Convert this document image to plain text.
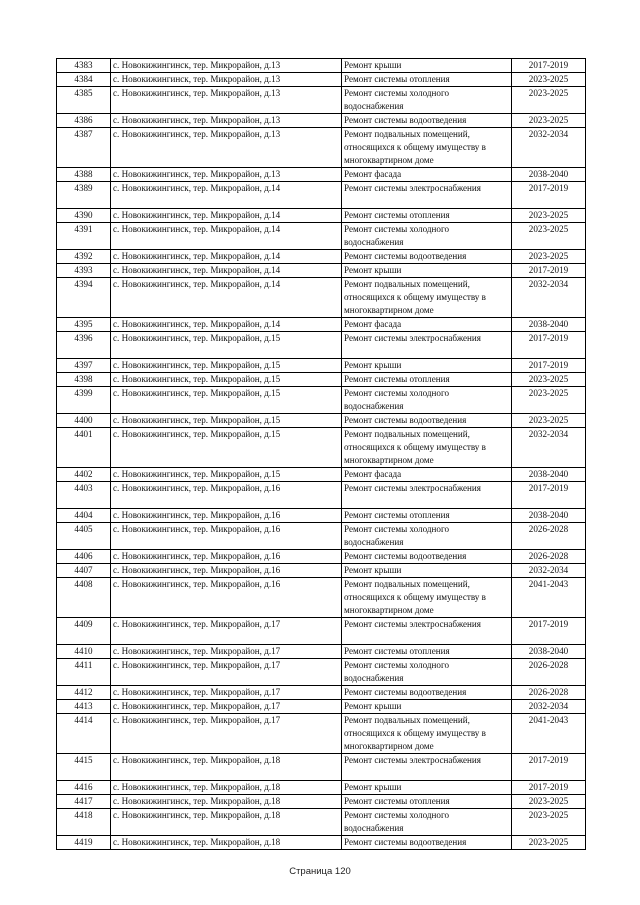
4383	с. Новокижингинск, тер. Микрорайон, д.13	Ремонт крыши	2017-2019
4384	с. Новокижингинск, тер. Микрорайон, д.13	Ремонт системы отопления	2023-2025
4385	с. Новокижингинск, тер. Микрорайон, д.13	Ремонт системы холодного водоснабжения	2023-2025
4386	с. Новокижингинск, тер. Микрорайон, д.13	Ремонт системы водоотведения	2023-2025
4387	с. Новокижингинск, тер. Микрорайон, д.13	Ремонт подвальных помещений, относящихся к общему имуществу в многоквартирном доме	2032-2034
4388	с. Новокижингинск, тер. Микрорайон, д.13	Ремонт фасада	2038-2040
4389	с. Новокижингинск, тер. Микрорайон, д.14	Ремонт системы электроснабжения	2017-2019
4390	с. Новокижингинск, тер. Микрорайон, д.14	Ремонт системы отопления	2023-2025
4391	с. Новокижингинск, тер. Микрорайон, д.14	Ремонт системы холодного водоснабжения	2023-2025
4392	с. Новокижингинск, тер. Микрорайон, д.14	Ремонт системы водоотведения	2023-2025
4393	с. Новокижингинск, тер. Микрорайон, д.14	Ремонт крыши	2017-2019
4394	с. Новокижингинск, тер. Микрорайон, д.14	Ремонт подвальных помещений, относящихся к общему имуществу в многоквартирном доме	2032-2034
4395	с. Новокижингинск, тер. Микрорайон, д.14	Ремонт фасада	2038-2040
4396	с. Новокижингинск, тер. Микрорайон, д.15	Ремонт системы электроснабжения	2017-2019
4397	с. Новокижингинск, тер. Микрорайон, д.15	Ремонт крыши	2017-2019
4398	с. Новокижингинск, тер. Микрорайон, д.15	Ремонт системы отопления	2023-2025
4399	с. Новокижингинск, тер. Микрорайон, д.15	Ремонт системы холодного водоснабжения	2023-2025
4400	с. Новокижингинск, тер. Микрорайон, д.15	Ремонт системы водоотведения	2023-2025
4401	с. Новокижингинск, тер. Микрорайон, д.15	Ремонт подвальных помещений, относящихся к общему имуществу в многоквартирном доме	2032-2034
4402	с. Новокижингинск, тер. Микрорайон, д.15	Ремонт фасада	2038-2040
4403	с. Новокижингинск, тер. Микрорайон, д.16	Ремонт системы электроснабжения	2017-2019
4404	с. Новокижингинск, тер. Микрорайон, д.16	Ремонт системы отопления	2038-2040
4405	с. Новокижингинск, тер. Микрорайон, д.16	Ремонт системы холодного водоснабжения	2026-2028
4406	с. Новокижингинск, тер. Микрорайон, д.16	Ремонт системы водоотведения	2026-2028
4407	с. Новокижингинск, тер. Микрорайон, д.16	Ремонт крыши	2032-2034
4408	с. Новокижингинск, тер. Микрорайон, д.16	Ремонт подвальных помещений, относящихся к общему имуществу в многоквартирном доме	2041-2043
4409	с. Новокижингинск, тер. Микрорайон, д.17	Ремонт системы электроснабжения	2017-2019
4410	с. Новокижингинск, тер. Микрорайон, д.17	Ремонт системы отопления	2038-2040
4411	с. Новокижингинск, тер. Микрорайон, д.17	Ремонт системы холодного водоснабжения	2026-2028
4412	с. Новокижингинск, тер. Микрорайон, д.17	Ремонт системы водоотведения	2026-2028
4413	с. Новокижингинск, тер. Микрорайон, д.17	Ремонт крыши	2032-2034
4414	с. Новокижингинск, тер. Микрорайон, д.17	Ремонт подвальных помещений, относящихся к общему имуществу в многоквартирном доме	2041-2043
4415	с. Новокижингинск, тер. Микрорайон, д.18	Ремонт системы электроснабжения	2017-2019
4416	с. Новокижингинск, тер. Микрорайон, д.18	Ремонт крыши	2017-2019
4417	с. Новокижингинск, тер. Микрорайон, д.18	Ремонт системы отопления	2023-2025
4418	с. Новокижингинск, тер. Микрорайон, д.18	Ремонт системы холодного водоснабжения	2023-2025
4419	с. Новокижингинск, тер. Микрорайон, д.18	Ремонт системы водоотведения	2023-2025
Страница 120
